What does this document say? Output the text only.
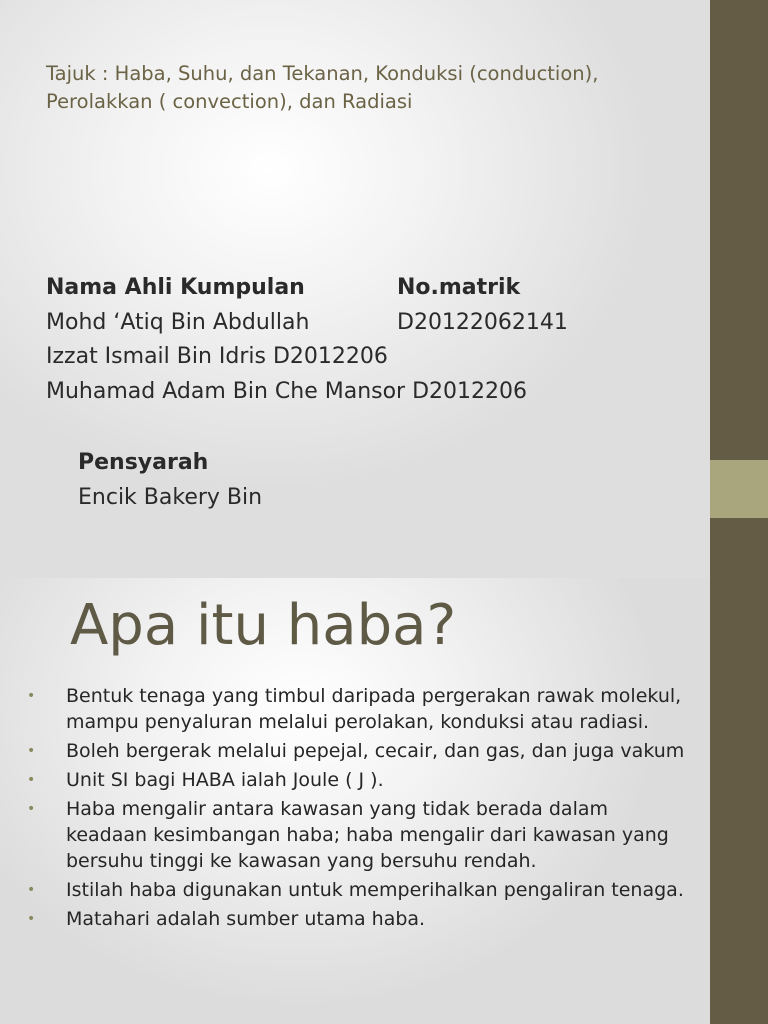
Tajuk : Haba, Suhu, dan Tekanan, Konduksi (conduction), Perolakkan ( convection), dan Radiasi
Nama Ahli Kumpulan	No.matrik
Mohd ‘Atiq Bin Abdullah	D20122062141
Izzat Ismail Bin Idris D2012206
Muhamad Adam Bin Che Mansor D2012206
Pensyarah
Encik Bakery Bin
Apa itu haba?
• Bentuk tenaga yang timbul daripada pergerakan rawak molekul, mampu penyaluran melalui perolakan, konduksi atau radiasi.
• Boleh bergerak melalui pepejal, cecair, dan gas, dan juga vakum
• Unit SI bagi HABA ialah Joule ( J ).
• Haba mengalir antara kawasan yang tidak berada dalam keadaan kesimbangan haba; haba mengalir dari kawasan yang bersuhu tinggi ke kawasan yang bersuhu rendah.
• Istilah haba digunakan untuk memperihalkan pengaliran tenaga.
• Matahari adalah sumber utama haba.
